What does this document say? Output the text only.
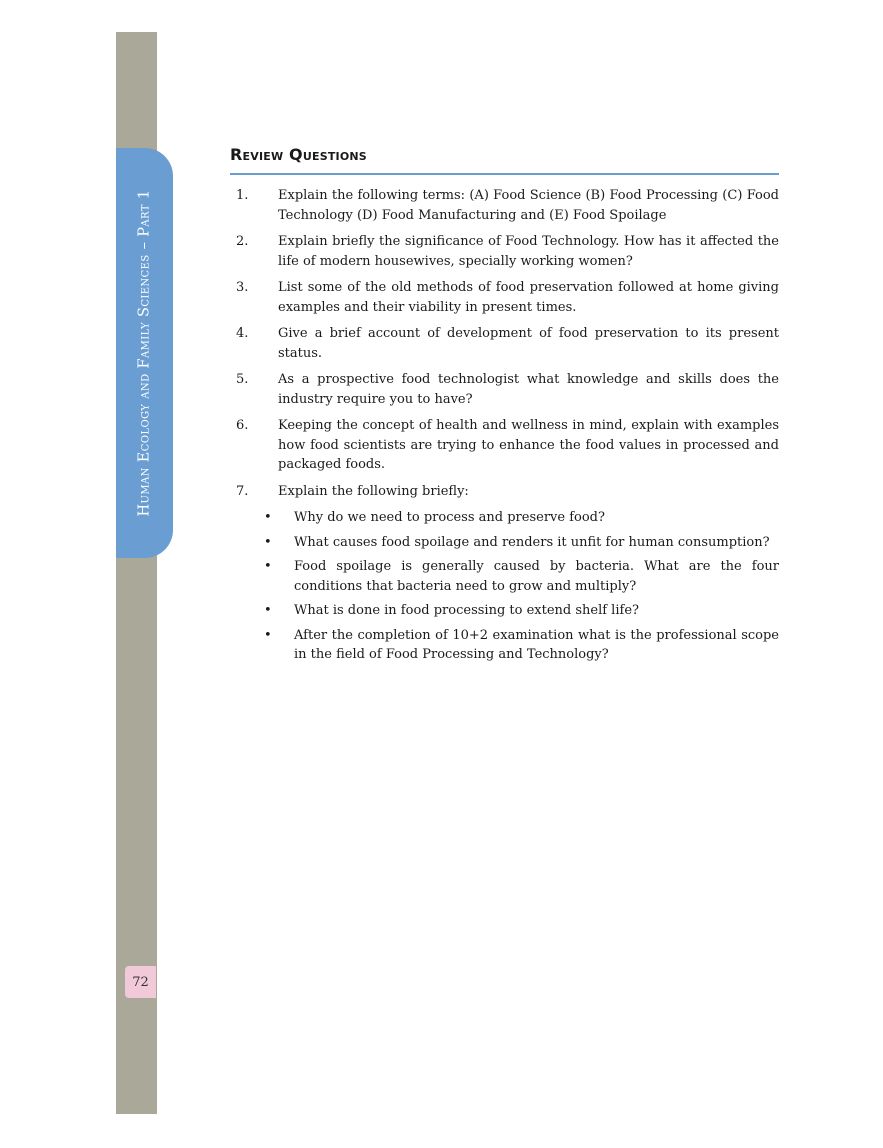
Human Ecology and Family Sciences – Part 1
72
Review Questions
1. Explain the following terms: (A) Food Science (B) Food Processing (C) Food Technology (D) Food Manufacturing and (E) Food Spoilage
2. Explain briefly the significance of Food Technology. How has it affected the life of modern housewives, specially working women?
3. List some of the old methods of food preservation followed at home giving examples and their viability in present times.
4. Give a brief account of development of food preservation to its present status.
5. As a prospective food technologist what knowledge and skills does the industry require you to have?
6. Keeping the concept of health and wellness in mind, explain with examples how food scientists are trying to enhance the food values in processed and packaged foods.
7. Explain the following briefly:
• Why do we need to process and preserve food?
• What causes food spoilage and renders it unfit for human consumption?
• Food spoilage is generally caused by bacteria. What are the four conditions that bacteria need to grow and multiply?
• What is done in food processing to extend shelf life?
• After the completion of 10+2 examination what is the professional scope in the field of Food Processing and Technology?
